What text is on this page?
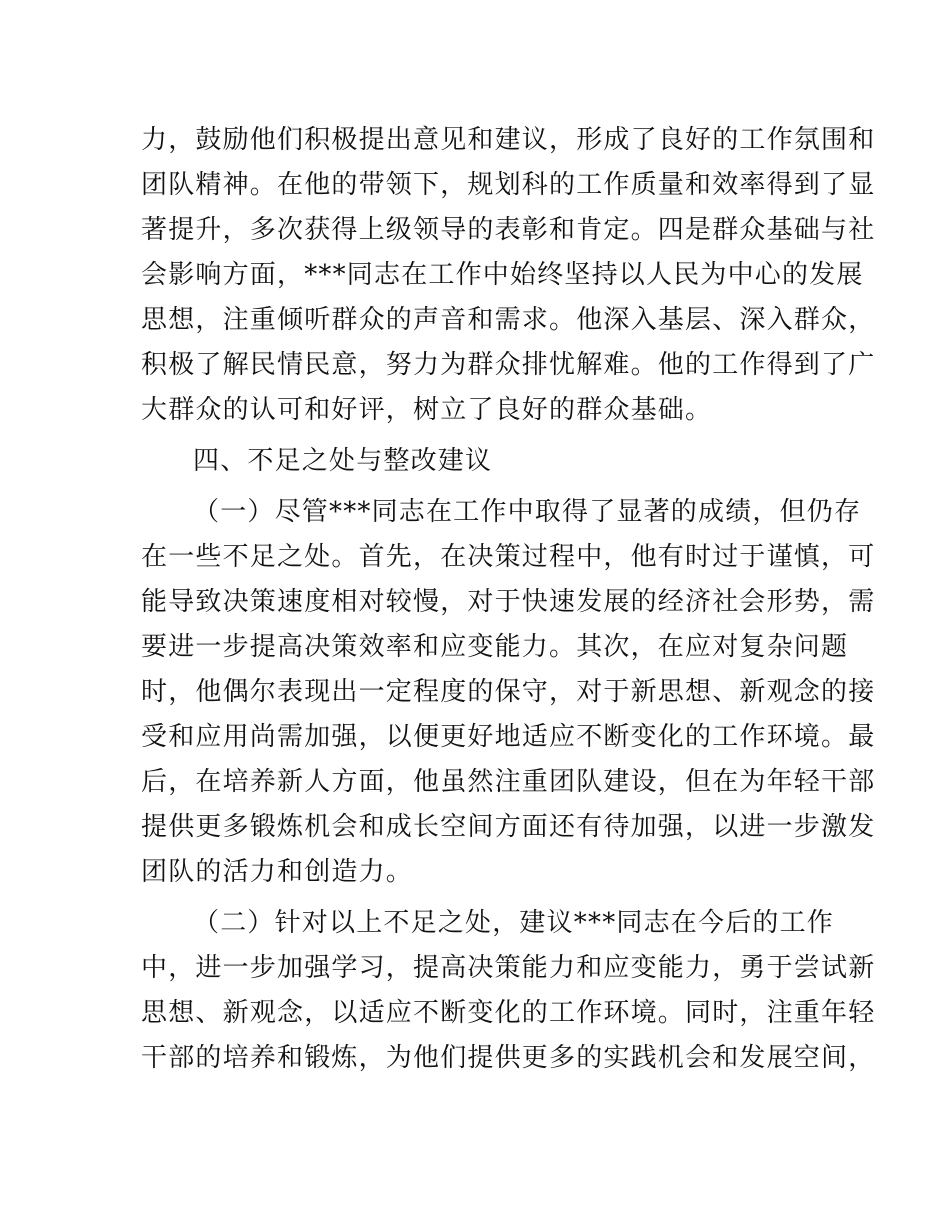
力，鼓励他们积极提出意见和建议，形成了良好的工作氛围和
团队精神。在他的带领下，规划科的工作质量和效率得到了显
著提升，多次获得上级领导的表彰和肯定。四是群众基础与社
会影响方面，***同志在工作中始终坚持以人民为中心的发展
思想，注重倾听群众的声音和需求。他深入基层、深入群众，
积极了解民情民意，努力为群众排忧解难。他的工作得到了广
大群众的认可和好评，树立了良好的群众基础。
四、不足之处与整改建议
（一）尽管***同志在工作中取得了显著的成绩，但仍存
在一些不足之处。首先，在决策过程中，他有时过于谨慎，可
能导致决策速度相对较慢，对于快速发展的经济社会形势，需
要进一步提高决策效率和应变能力。其次，在应对复杂问题
时，他偶尔表现出一定程度的保守，对于新思想、新观念的接
受和应用尚需加强，以便更好地适应不断变化的工作环境。最
后，在培养新人方面，他虽然注重团队建设，但在为年轻干部
提供更多锻炼机会和成长空间方面还有待加强，以进一步激发
团队的活力和创造力。
（二）针对以上不足之处，建议***同志在今后的工作
中，进一步加强学习，提高决策能力和应变能力，勇于尝试新
思想、新观念，以适应不断变化的工作环境。同时，注重年轻
干部的培养和锻炼，为他们提供更多的实践机会和发展空间，
